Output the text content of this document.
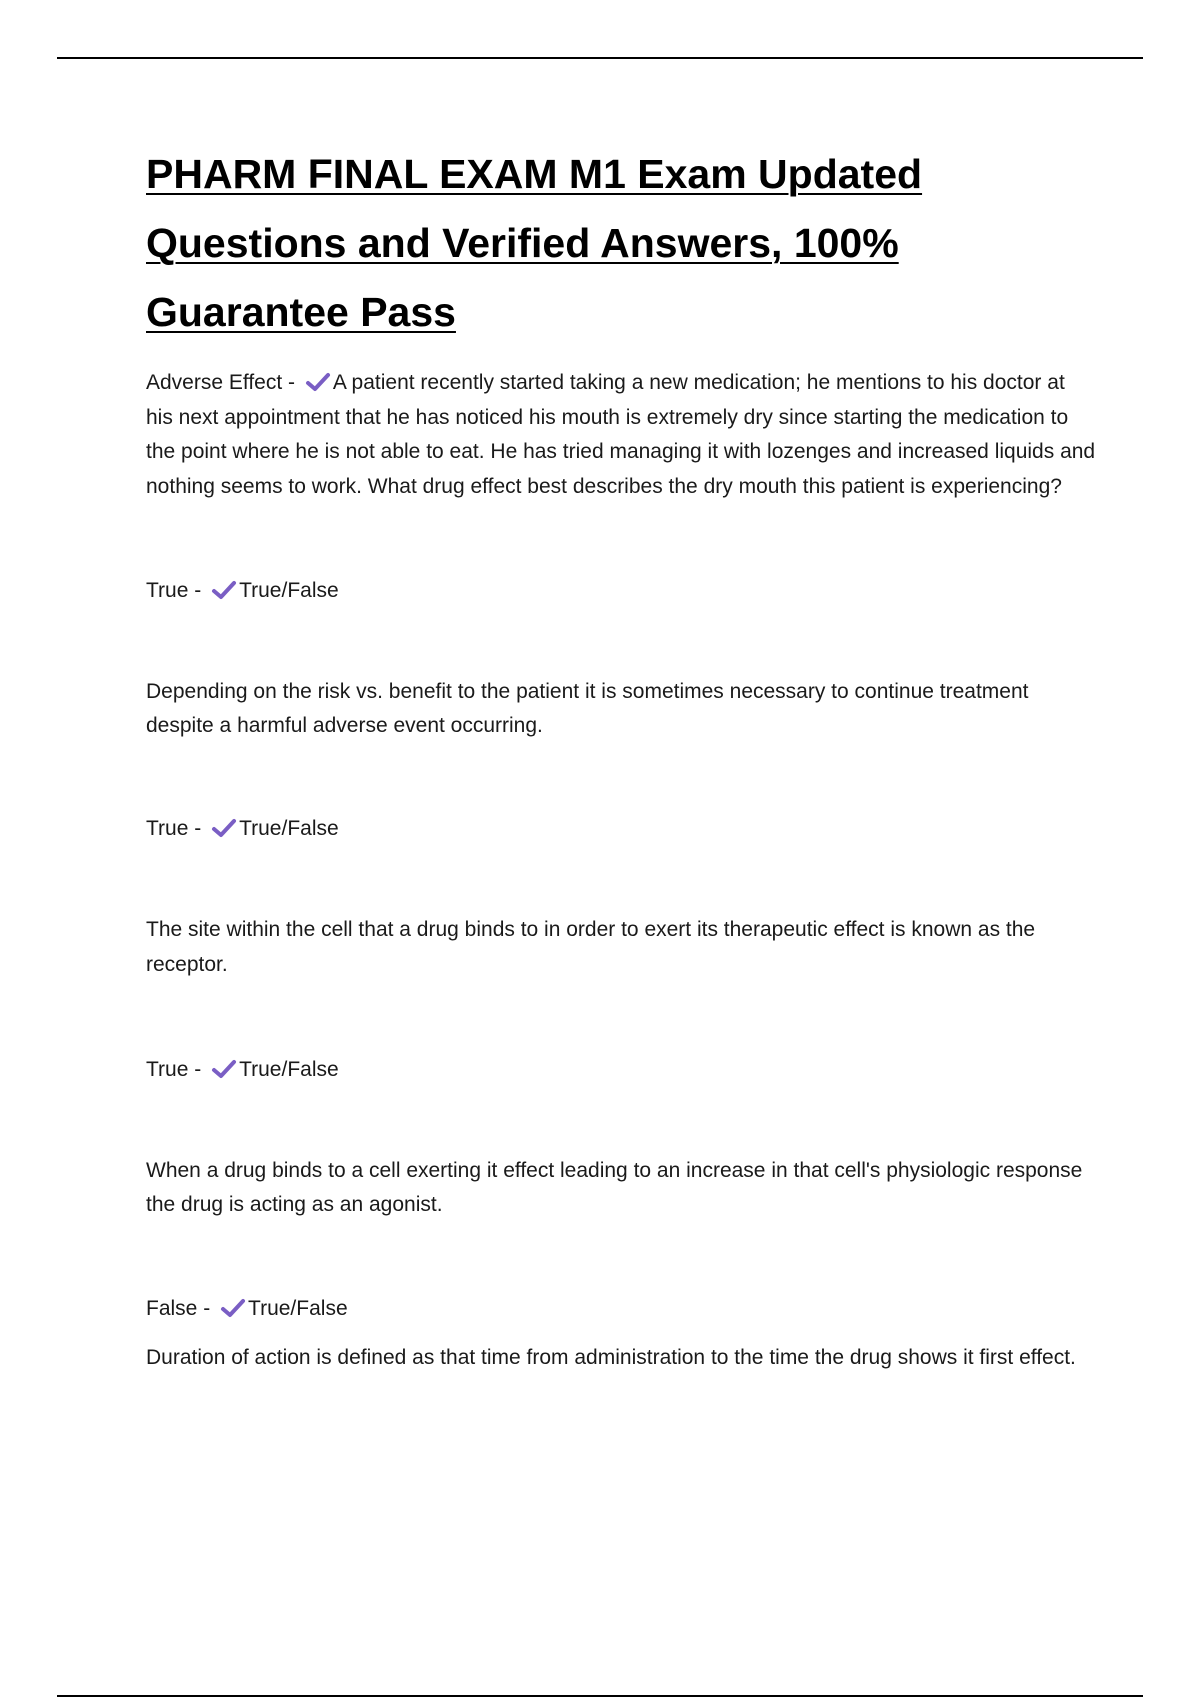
PHARM FINAL EXAM M1 Exam Updated
Questions and Verified Answers, 100%
Guarantee Pass

Adverse Effect -
A patient recently started taking a new medication; he mentions to his doctor at his next appointment that he has noticed his mouth is extremely dry since starting the medication to the point where he is not able to eat. He has tried managing it with lozenges and increased liquids and nothing seems to work. What drug effect best describes the dry mouth this patient is experiencing?

True -
True/False

Depending on the risk vs. benefit to the patient it is sometimes necessary to continue treatment despite a harmful adverse event occurring.

True -
True/False

The site within the cell that a drug binds to in order to exert its therapeutic effect is known as the receptor.

True -
True/False

When a drug binds to a cell exerting it effect leading to an increase in that cell's physiologic response the drug is acting as an agonist.

False -
True/False

Duration of action is defined as that time from administration to the time the drug shows it first effect.
